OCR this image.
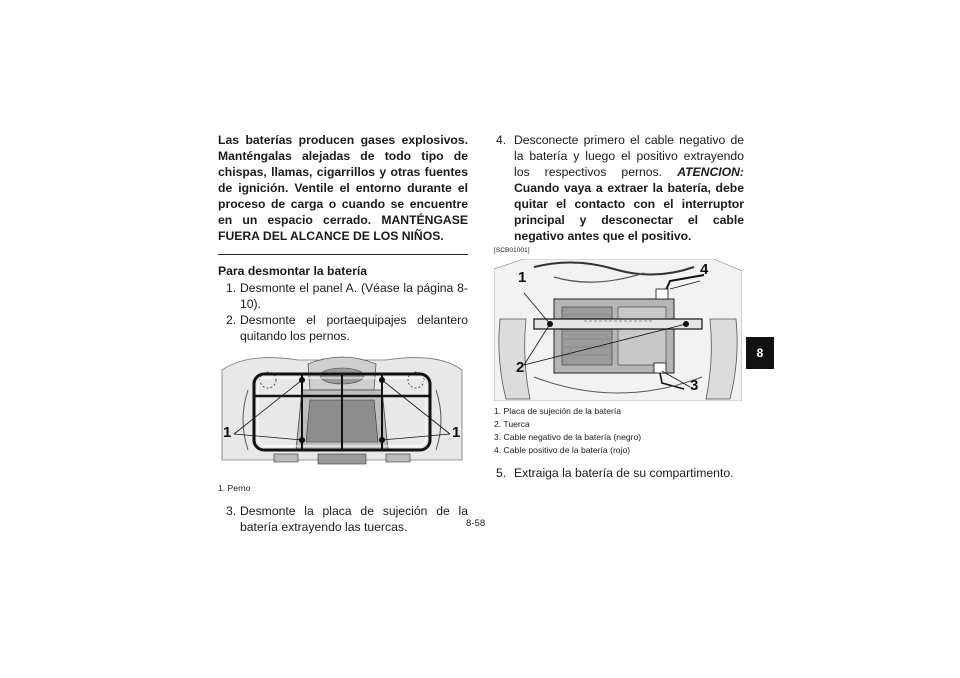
Las baterías producen gases explosivos. Manténgalas alejadas de todo tipo de chispas, llamas, cigarrillos y otras fuentes de ignición. Ventile el entorno durante el proceso de carga o cuando se encuentre en un espacio cerrado. MANTÉNGASE FUERA DEL ALCANCE DE LOS NIÑOS.

Para desmontar la batería

1. Desmonte el panel A. (Véase la página 8-10).

2. Desmonte el portaequipajes delantero quitando los pernos.

1	1
1. Perno

3. Desmonte la placa de sujeción de la batería extrayendo las tuercas.

4. Desconecte primero el cable negativo de la batería y luego el positivo extrayendo los respectivos pernos. ATENCION: Cuando vaya a extraer la batería, debe quitar el contacto con el interruptor principal y desconectar el cable negativo antes que el positivo.

[SCB01001]
1
2
3
4
1. Placa de sujeción de la batería
2. Tuerca
3. Cable negativo de la batería (negro)
4. Cable positivo de la batería (rojo)

5. Extraiga la batería de su compartimento.

8-58
8
